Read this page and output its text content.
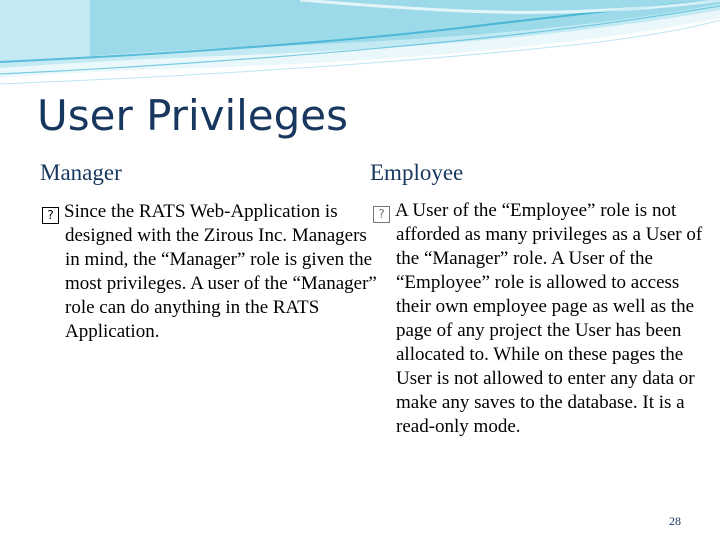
User Privileges
Manager	Employee

? Since the RATS Web-Application is designed with the Zirous Inc. Managers in mind, the “Manager” role is given the most privileges. A user of the “Manager” role can do anything in the RATS Application.

? A User of the “Employee” role is not afforded as many privileges as a User of the “Manager” role. A User of the “Employee” role is allowed to access their own employee page as well as the page of any project the User has been allocated to. While on these pages the User is not allowed to enter any data or make any saves to the database. It is a read-only mode.

28
